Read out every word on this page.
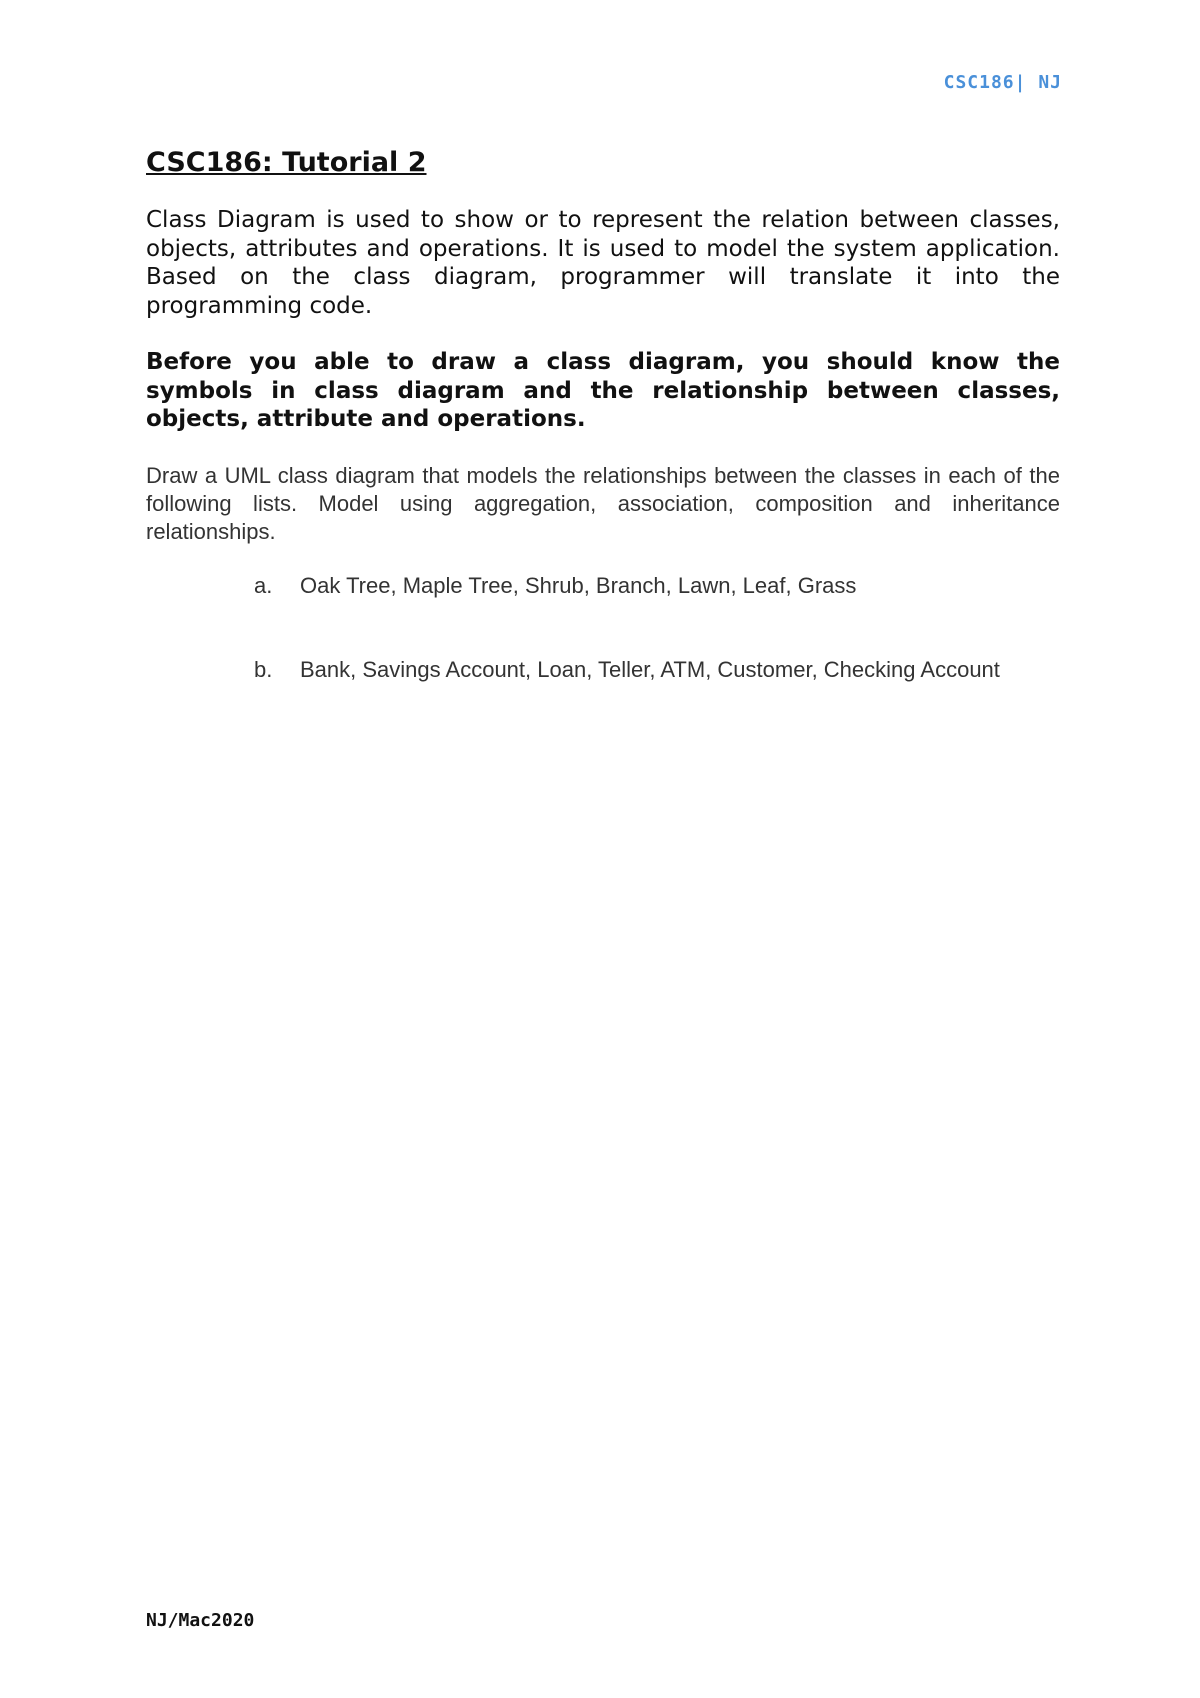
CSC186| NJ
CSC186: Tutorial 2

Class Diagram is used to show or to represent the relation between classes, objects, attributes and operations. It is used to model the system application. Based on the class diagram, programmer will translate it into the programming code.

Before you able to draw a class diagram, you should know the symbols in class diagram and the relationship between classes, objects, attribute and operations.

Draw a UML class diagram that models the relationships between the classes in each of the following lists. Model using aggregation, association, composition and inheritance relationships.

a.	Oak Tree, Maple Tree, Shrub, Branch, Lawn, Leaf, Grass
b.	Bank, Savings Account, Loan, Teller, ATM, Customer, Checking Account
NJ/Mac2020
